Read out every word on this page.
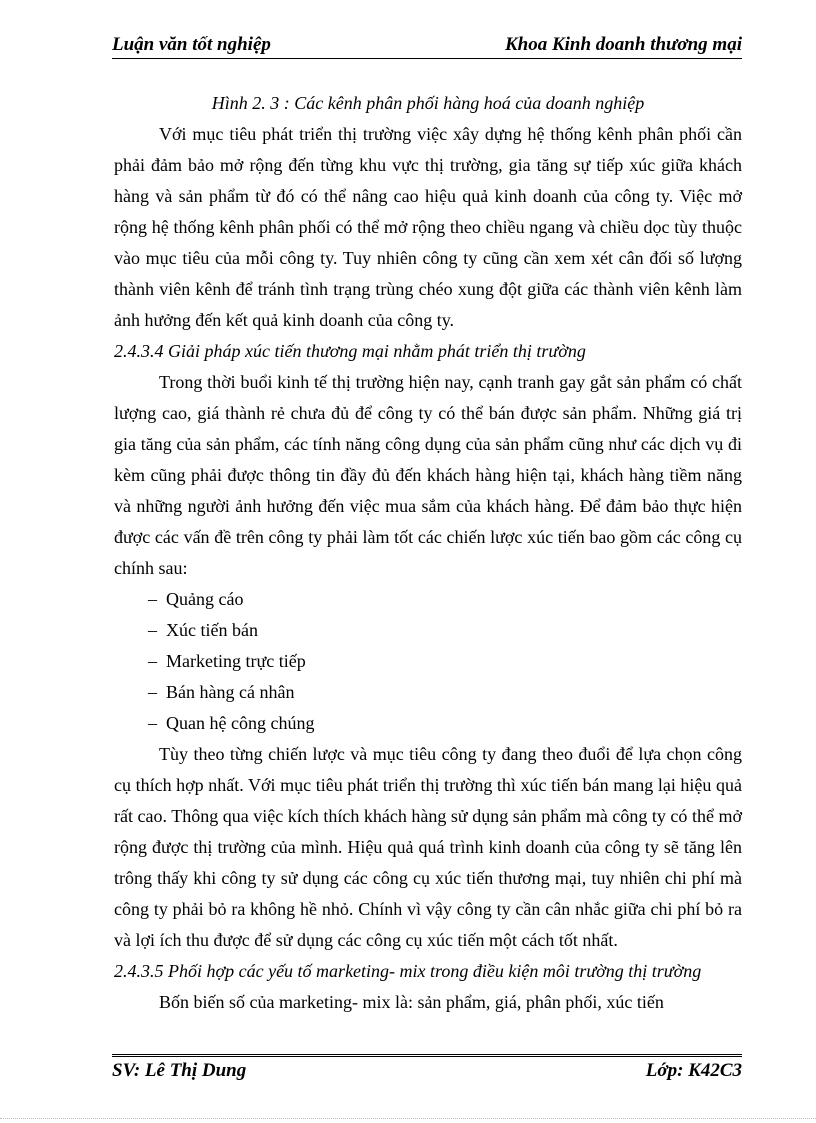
Luận văn tốt nghiệp	Khoa Kinh doanh thương mại

Hình 2. 3 : Các kênh phân phối hàng hoá của doanh nghiệp

Với mục tiêu phát triển thị trường việc xây dựng hệ thống kênh phân phối cần phải đảm bảo mở rộng đến từng khu vực thị trường, gia tăng sự tiếp xúc giữa khách hàng và sản phẩm từ đó có thể nâng cao hiệu quả kinh doanh của công ty. Việc mở rộng hệ thống kênh phân phối có thể mở rộng theo chiều ngang và chiều dọc tùy thuộc vào mục tiêu của mỗi công ty. Tuy nhiên công ty cũng cần xem xét cân đối số lượng thành viên kênh để tránh tình trạng trùng chéo xung đột giữa các thành viên kênh làm ảnh hưởng đến kết quả kinh doanh của công ty.

2.4.3.4 Giải pháp xúc tiến thương mại nhằm phát triển thị trường

Trong thời buổi kinh tế thị trường hiện nay, cạnh tranh gay gắt sản phẩm có chất lượng cao, giá thành rẻ chưa đủ để công ty có thể bán được sản phẩm. Những giá trị gia tăng của sản phẩm, các tính năng công dụng của sản phẩm cũng như các dịch vụ đi kèm cũng phải được thông tin đầy đủ đến khách hàng hiện tại, khách hàng tiềm năng và những người ảnh hưởng đến việc mua sắm của khách hàng. Để đảm bảo thực hiện được các vấn đề trên công ty phải làm tốt các chiến lược xúc tiến bao gồm các công cụ chính sau:

– Quảng cáo
– Xúc tiến bán
– Marketing trực tiếp
– Bán hàng cá nhân
– Quan hệ công chúng

Tùy theo từng chiến lược và mục tiêu công ty đang theo đuổi để lựa chọn công cụ thích hợp nhất. Với mục tiêu phát triển thị trường thì xúc tiến bán mang lại hiệu quả rất cao. Thông qua việc kích thích khách hàng sử dụng sản phẩm mà công ty có thể mở rộng được thị trường của mình. Hiệu quả quá trình kinh doanh của công ty sẽ tăng lên trông thấy khi công ty sử dụng các công cụ xúc tiến thương mại, tuy nhiên chi phí mà công ty phải bỏ ra không hề nhỏ. Chính vì vậy công ty cần cân nhắc giữa chi phí bỏ ra và lợi ích thu được để sử dụng các công cụ xúc tiến một cách tốt nhất.

2.4.3.5 Phối hợp các yếu tố marketing- mix trong điều kiện môi trường thị trường

Bốn biến số của marketing- mix là: sản phẩm, giá, phân phối, xúc tiến

SV: Lê Thị Dung	Lớp: K42C3
